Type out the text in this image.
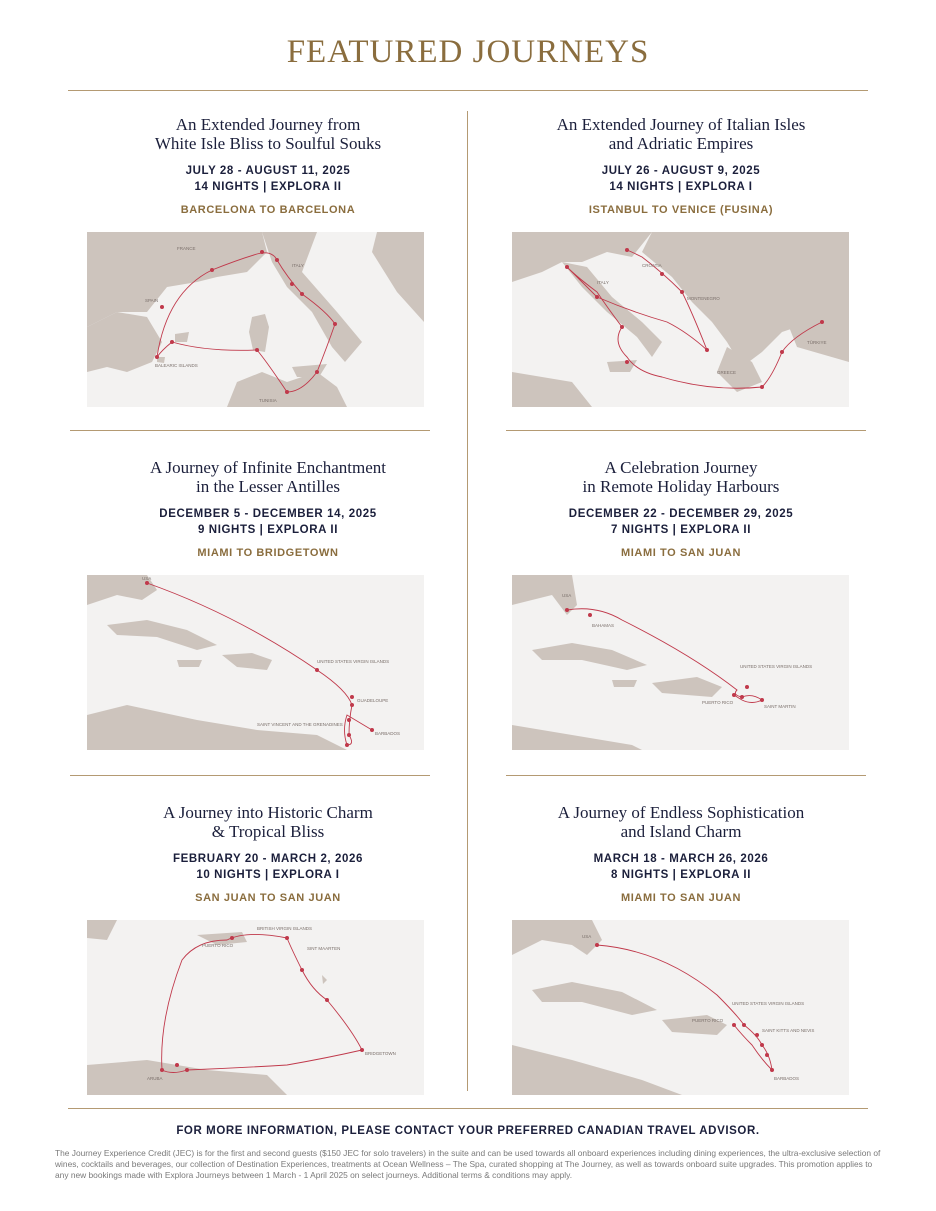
FEATURED JOURNEYS
An Extended Journey from
White Isle Bliss to Soulful Souks
JULY 28 - AUGUST 11, 2025
14 NIGHTS | EXPLORA II
BARCELONA TO BARCELONA
FRANCE
ITALY
SPAIN
BALEARIC ISLANDS
TUNISIA
An Extended Journey of Italian Isles
and Adriatic Empires
JULY 26 - AUGUST 9, 2025
14 NIGHTS | EXPLORA I
ISTANBUL TO VENICE (FUSINA)
ITALY
CROATIA
MONTENEGRO
GREECE
TÜRKIYE
A Journey of Infinite Enchantment
in the Lesser Antilles
DECEMBER 5 - DECEMBER 14, 2025
9 NIGHTS | EXPLORA II
MIAMI TO BRIDGETOWN
USA
UNITED STATES VIRGIN ISLANDS
GUADELOUPE
SAINT VINCENT AND THE GRENADINES
BARBADOS
A Celebration Journey
in Remote Holiday Harbours
DECEMBER 22 - DECEMBER 29, 2025
7 NIGHTS | EXPLORA II
MIAMI TO SAN JUAN
USA
BAHAMAS
UNITED STATES VIRGIN ISLANDS
PUERTO RICO
SAINT MARTIN
A Journey into Historic Charm
& Tropical Bliss
FEBRUARY 20 - MARCH 2, 2026
10 NIGHTS | EXPLORA I
SAN JUAN TO SAN JUAN
BRITISH VIRGIN ISLANDS
PUERTO RICO
SINT MAARTEN
BRIDGETOWN
ARUBA
A Journey of Endless Sophistication
and Island Charm
MARCH 18 - MARCH 26, 2026
8 NIGHTS | EXPLORA II
MIAMI TO SAN JUAN
USA
UNITED STATES VIRGIN ISLANDS
PUERTO RICO
SAINT KITTS AND NEVIS
BARBADOS
FOR MORE INFORMATION, PLEASE CONTACT YOUR PREFERRED CANADIAN TRAVEL ADVISOR.
The Journey Experience Credit (JEC) is for the first and second guests ($150 JEC for solo travelers) in the suite and can be used towards all onboard experiences including dining experiences, the ultra-exclusive selection of wines, cocktails and beverages, our collection of Destination Experiences, treatments at Ocean Wellness – The Spa, curated shopping at The Journey, as well as towards onboard suite upgrades. This promotion applies to any new bookings made with Explora Journeys between 1 March - 1 April 2025 on select journeys. Additional terms & conditions may apply.
